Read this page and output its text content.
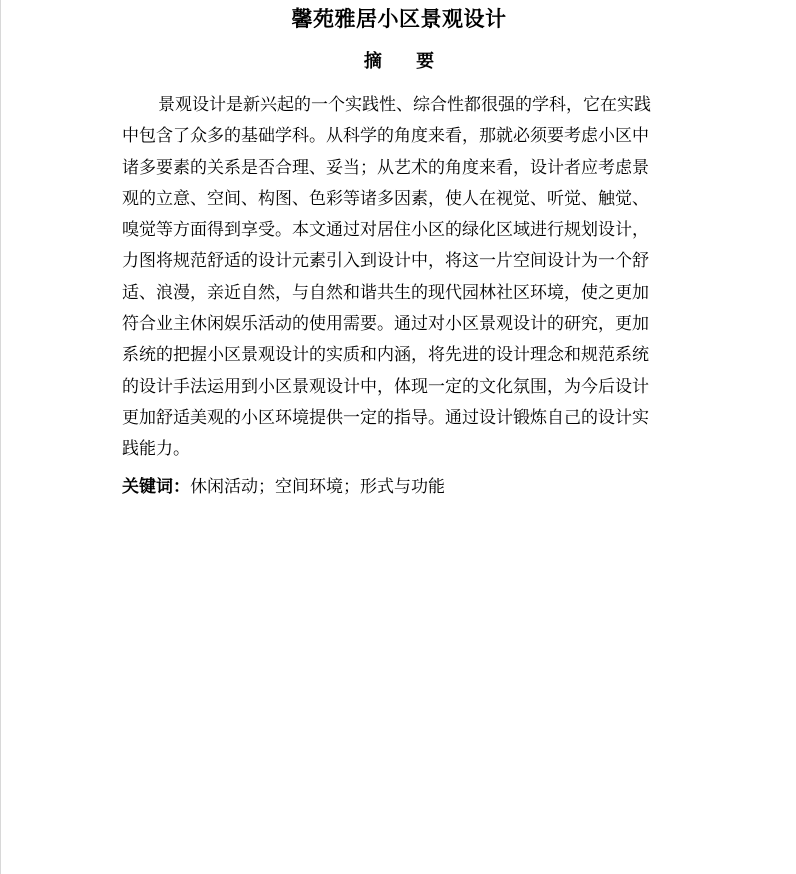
馨苑雅居小区景观设计
摘 要
景观设计是新兴起的一个实践性、综合性都很强的学科，它在实践
中包含了众多的基础学科。从科学的角度来看，那就必须要考虑小区中
诸多要素的关系是否合理、妥当；从艺术的角度来看，设计者应考虑景
观的立意、空间、构图、色彩等诸多因素，使人在视觉、听觉、触觉、
嗅觉等方面得到享受。本文通过对居住小区的绿化区域进行规划设计，
力图将规范舒适的设计元素引入到设计中，将这一片空间设计为一个舒
适、浪漫，亲近自然，与自然和谐共生的现代园林社区环境，使之更加
符合业主休闲娱乐活动的使用需要。通过对小区景观设计的研究，更加
系统的把握小区景观设计的实质和内涵，将先进的设计理念和规范系统
的设计手法运用到小区景观设计中，体现一定的文化氛围，为今后设计
更加舒适美观的小区环境提供一定的指导。通过设计锻炼自己的设计实
践能力。
关键词：休闲活动；空间环境；形式与功能
